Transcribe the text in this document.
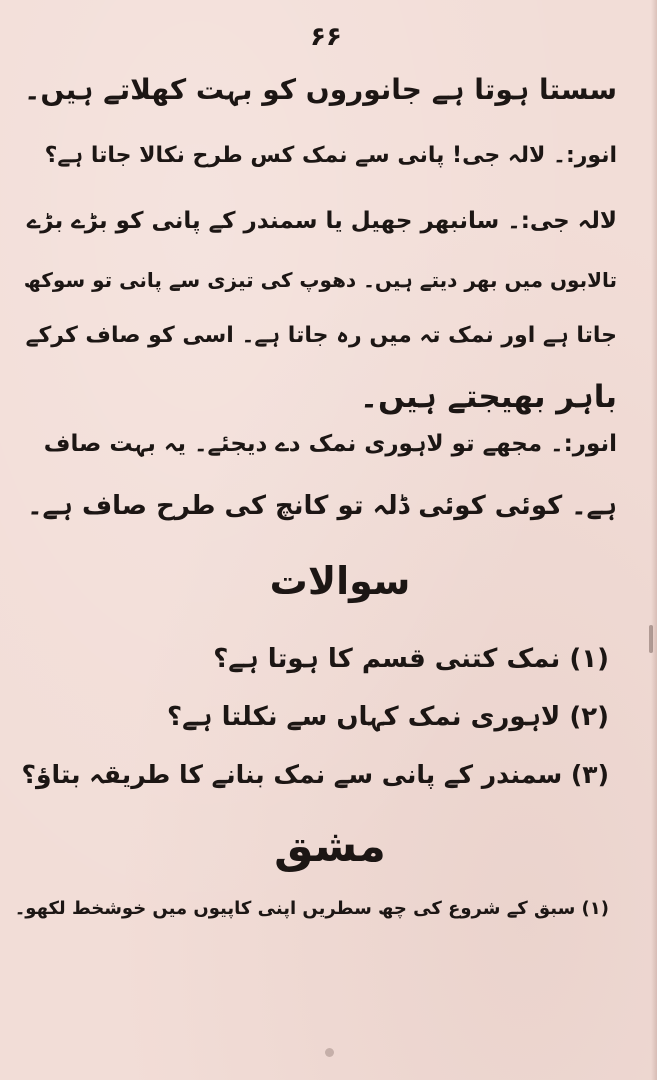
۶۶
سستا ہوتا ہے جانوروں کو بہت کھلاتے ہیں۔
انور:۔ لالہ جی! پانی سے نمک کس طرح نکالا جاتا ہے؟
لالہ جی:۔ سانبھر جھیل یا سمندر کے پانی کو بڑے بڑے
تالابوں میں بھر دیتے ہیں۔ دھوپ کی تیزی سے پانی تو سوکھ
جاتا ہے اور نمک تہ میں رہ جاتا ہے۔ اسی کو صاف کرکے
باہر بھیجتے ہیں۔
انور:۔ مجھے تو لاہوری نمک دے دیجئے۔ یہ بہت صاف
ہے۔ کوئی کوئی ڈلہ تو کانچ کی طرح صاف ہے۔
سوالات
(۱) نمک کتنی قسم کا ہوتا ہے؟
(۲) لاہوری نمک کہاں سے نکلتا ہے؟
(۳) سمندر کے پانی سے نمک بنانے کا طریقہ بتاؤ؟
مشق
(۱) سبق کے شروع کی چھ سطریں اپنی کاپیوں میں خوشخط لکھو۔
